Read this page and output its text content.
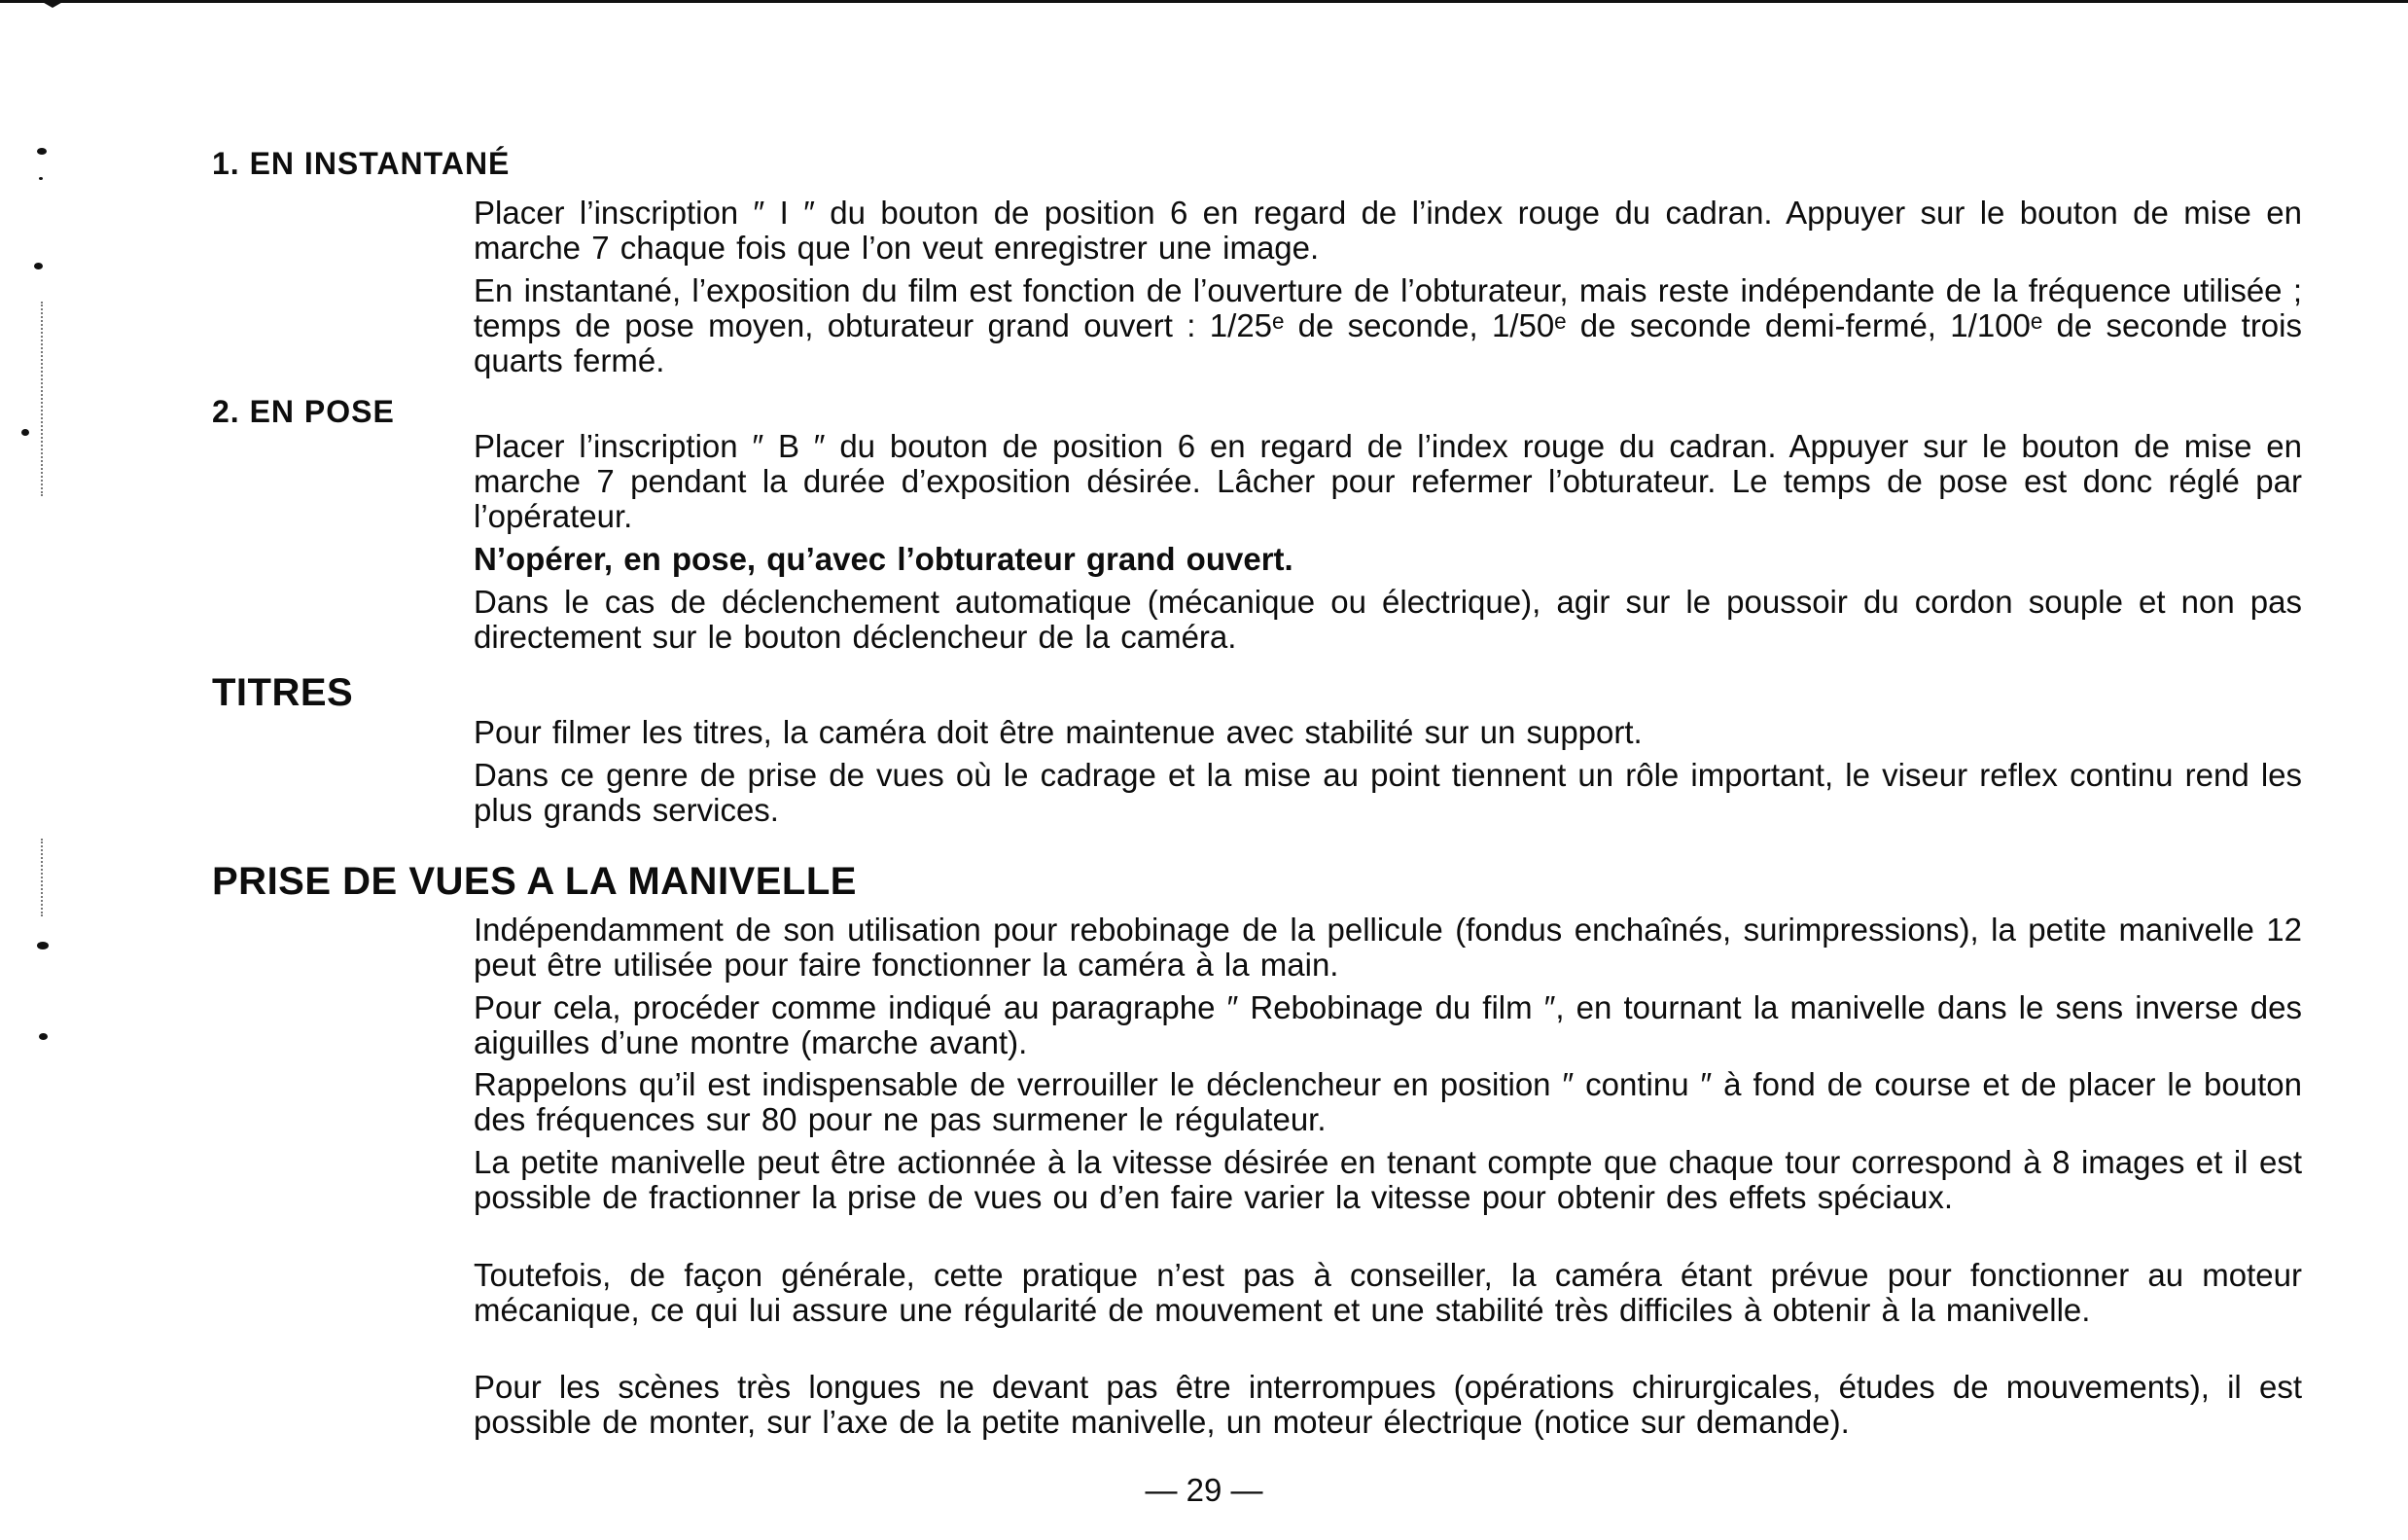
1. EN INSTANTANÉ
Placer l’inscription ″ I ″ du bouton de position 6 en regard de l’index rouge du cadran. Appuyer sur le bouton de mise en marche 7 chaque fois que l’on veut enregistrer une image.
En instantané, l’exposition du film est fonction de l’ouverture de l’obturateur, mais reste indépendante de la fréquence utilisée ; temps de pose moyen, obturateur grand ouvert : 1/25ᵉ de seconde, 1/50ᵉ de seconde demi-fermé, 1/100ᵉ de seconde trois quarts fermé.
2. EN POSE
Placer l’inscription ″ B ″ du bouton de position 6 en regard de l’index rouge du cadran. Appuyer sur le bouton de mise en marche 7 pendant la durée d’exposition désirée. Lâcher pour refermer l’obturateur. Le temps de pose est donc réglé par l’opérateur.
N’opérer, en pose, qu’avec l’obturateur grand ouvert.
Dans le cas de déclenchement automatique (mécanique ou électrique), agir sur le poussoir du cordon souple et non pas directement sur le bouton déclencheur de la caméra.
TITRES
Pour filmer les titres, la caméra doit être maintenue avec stabilité sur un support.
Dans ce genre de prise de vues où le cadrage et la mise au point tiennent un rôle important, le viseur reflex continu rend les plus grands services.
PRISE DE VUES A LA MANIVELLE
Indépendamment de son utilisation pour rebobinage de la pellicule (fondus enchaînés, surimpressions), la petite manivelle 12 peut être utilisée pour faire fonctionner la caméra à la main.
Pour cela, procéder comme indiqué au paragraphe ″ Rebobinage du film ″, en tournant la manivelle dans le sens inverse des aiguilles d’une montre (marche avant).
Rappelons qu’il est indispensable de verrouiller le déclencheur en position ″ continu ″ à fond de course et de placer le bouton des fréquences sur 80 pour ne pas surmener le régulateur.
La petite manivelle peut être actionnée à la vitesse désirée en tenant compte que chaque tour correspond à 8 images et il est possible de fractionner la prise de vues ou d’en faire varier la vitesse pour obtenir des effets spéciaux.
Toutefois, de façon générale, cette pratique n’est pas à conseiller, la caméra étant prévue pour fonctionner au moteur mécanique, ce qui lui assure une régularité de mouvement et une stabilité très difficiles à obtenir à la manivelle.
Pour les scènes très longues ne devant pas être interrompues (opérations chirurgicales, études de mouvements), il est possible de monter, sur l’axe de la petite manivelle, un moteur électrique (notice sur demande).
— 29 —
